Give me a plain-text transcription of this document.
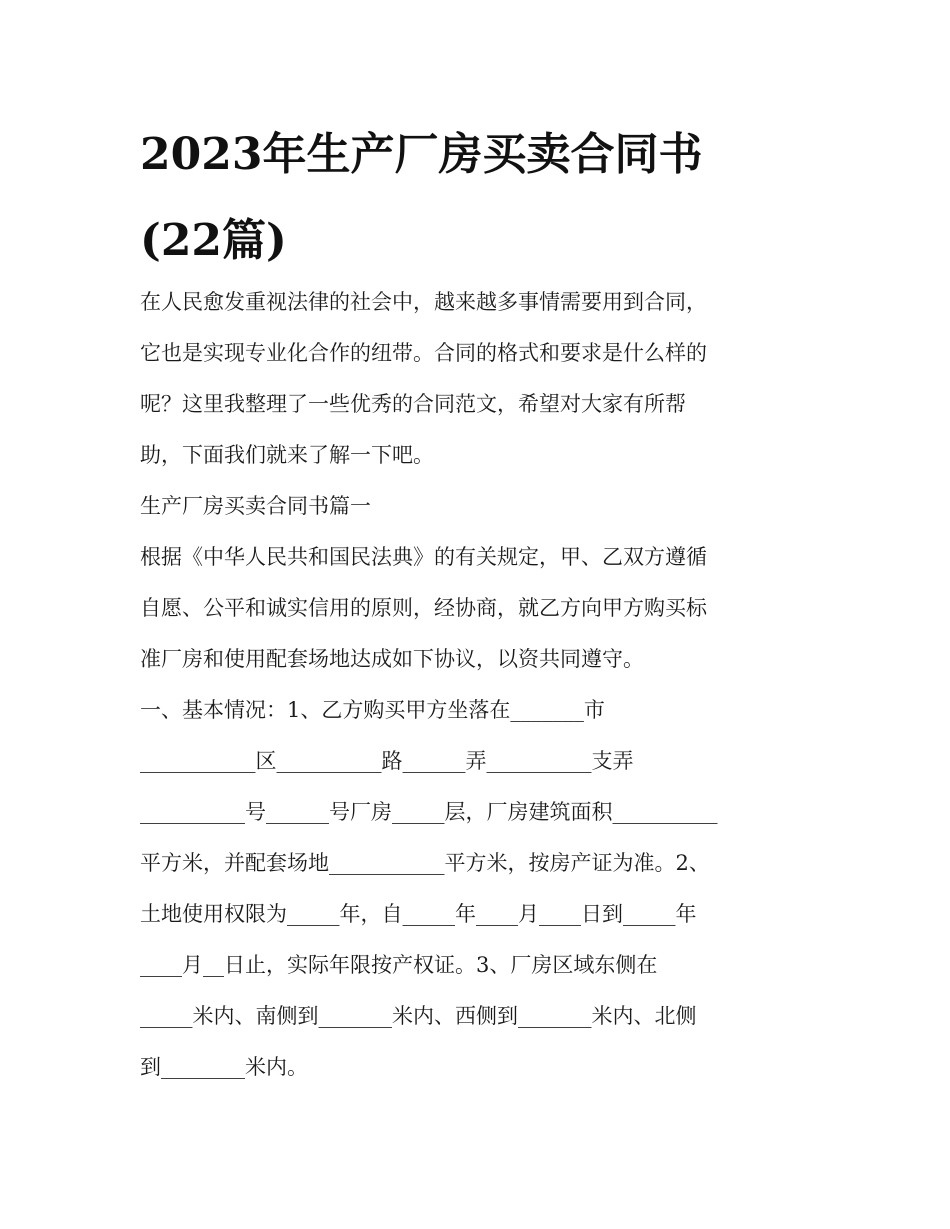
2023年生产厂房买卖合同书
(22篇)
在人民愈发重视法律的社会中，越来越多事情需要用到合同，
它也是实现专业化合作的纽带。合同的格式和要求是什么样的
呢？这里我整理了一些优秀的合同范文，希望对大家有所帮
助，下面我们就来了解一下吧。
生产厂房买卖合同书篇一
根据《中华人民共和国民法典》的有关规定，甲、乙双方遵循
自愿、公平和诚实信用的原则，经协商，就乙方向甲方购买标
准厂房和使用配套场地达成如下协议，以资共同遵守。
一、基本情况：1、乙方购买甲方坐落在_______市
___________区__________路______弄__________支弄
__________号______号厂房_____层，厂房建筑面积__________
平方米，并配套场地___________平方米，按房产证为准。2、
土地使用权限为_____年，自_____年____月____日到_____年
____月__日止，实际年限按产权证。3、厂房区域东侧在
_____米内、南侧到_______米内、西侧到_______米内、北侧
到________米内。
